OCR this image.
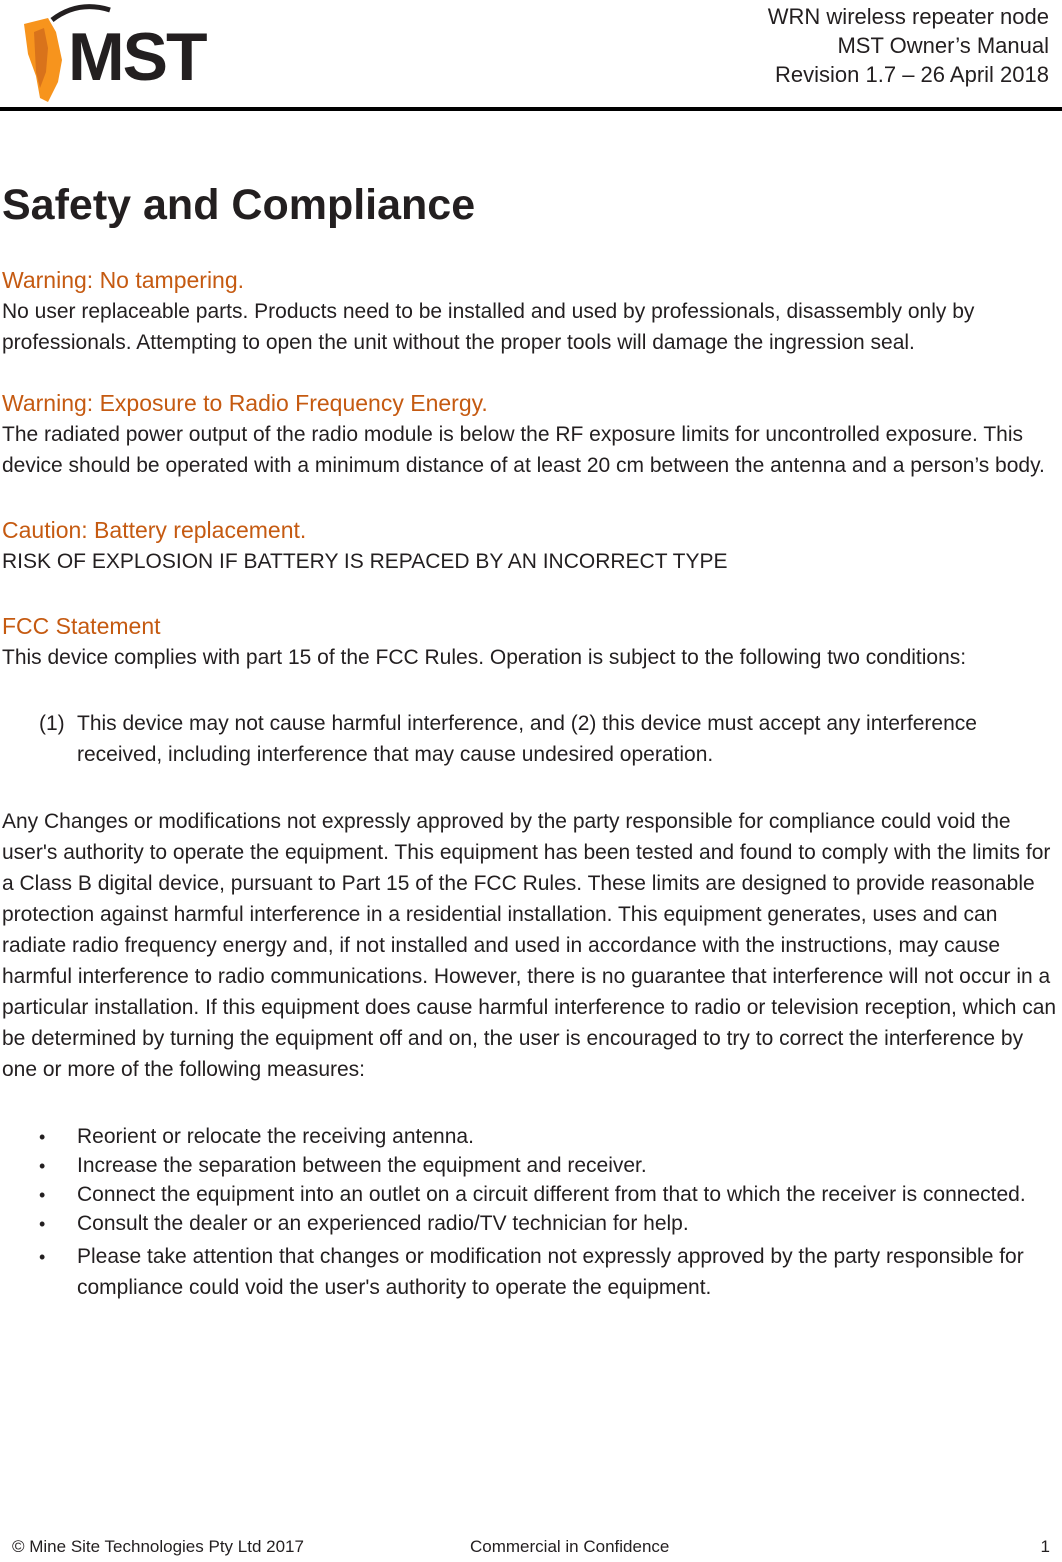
MST
WRN wireless repeater node
MST Owner’s Manual
Revision 1.7 – 26 April 2018
Safety and Compliance
Warning: No tampering.

No user replaceable parts. Products need to be installed and used by professionals, disassembly only by professionals. Attempting to open the unit without the proper tools will damage the ingression seal.

Warning: Exposure to Radio Frequency Energy.

The radiated power output of the radio module is below the RF exposure limits for uncontrolled exposure. This device should be operated with a minimum distance of at least 20 cm between the antenna and a person’s body.

Caution: Battery replacement.

RISK OF EXPLOSION IF BATTERY IS REPACED BY AN INCORRECT TYPE

FCC Statement

This device complies with part 15 of the FCC Rules. Operation is subject to the following two conditions:

(1) This device may not cause harmful interference, and (2) this device must accept any interference received, including interference that may cause undesired operation.

Any Changes or modifications not expressly approved by the party responsible for compliance could void the user's authority to operate the equipment. This equipment has been tested and found to comply with the limits for a Class B digital device, pursuant to Part 15 of the FCC Rules. These limits are designed to provide reasonable protection against harmful interference in a residential installation. This equipment generates, uses and can radiate radio frequency energy and, if not installed and used in accordance with the instructions, may cause harmful interference to radio communications. However, there is no guarantee that interference will not occur in a particular installation. If this equipment does cause harmful interference to radio or television reception, which can be determined by turning the equipment off and on, the user is encouraged to try to correct the interference by one or more of the following measures:

•
Reorient or relocate the receiving antenna.
•
Increase the separation between the equipment and receiver.
•
Connect the equipment into an outlet on a circuit different from that to which the receiver is connected.
•
Consult the dealer or an experienced radio/TV technician for help.
•
Please take attention that changes or modification not expressly approved by the party responsible for compliance could void the user's authority to operate the equipment.
© Mine Site Technologies Pty Ltd 2017	Commercial in Confidence	1
